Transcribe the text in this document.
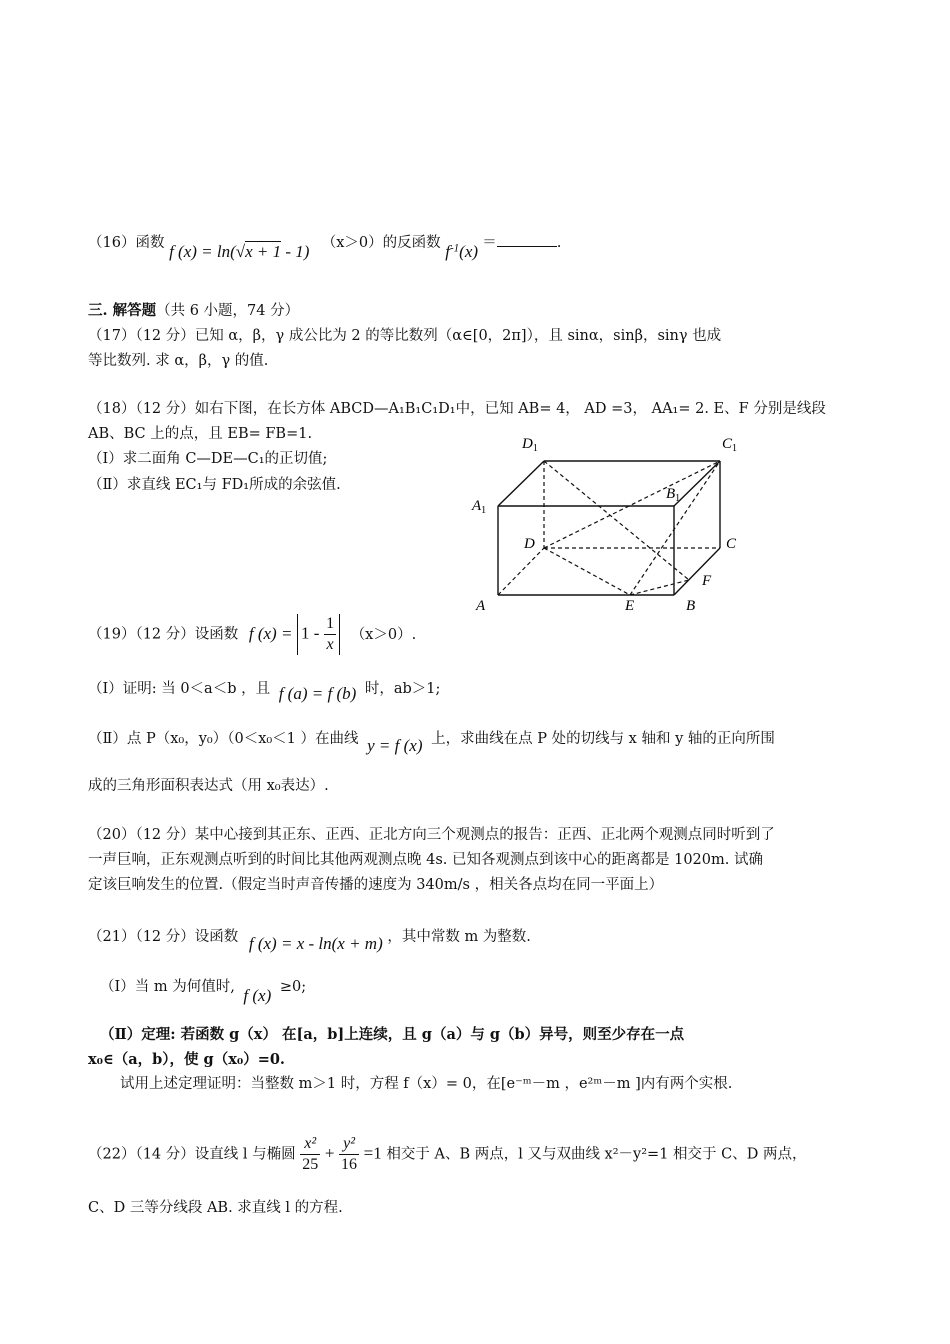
（16）函数 f (x) = ln(√x + 1 - 1) （x＞0）的反函数 $f^{-1}(x)$ ＝	.
三. 解答题（共 6 小题，74 分）
（17）（12 分）已知 α，β，γ 成公比为 2 的等比数列（α∈[0，2π]），且 sinα，sinβ，sinγ 也成
等比数列. 求 α，β，γ 的值.
（18）（12 分）如右下图，在长方体 ABCD—A₁B₁C₁D₁中，已知 AB= 4， AD =3， AA₁= 2. E、F 分别是线段
AB、BC 上的点，且 EB= FB=1.
（Ⅰ）求二面角 C—DE—C₁的正切值;
（Ⅱ）求直线 EC₁与 FD₁所成的余弦值.
$D_1$	$C_1$
$A_1$
$B_1$
D	C
A	B
E
F
（19）（12 分）设函数 f $(x) = 1 - \frac{1}{x} (x>0)$.
（Ⅰ）证明: 当 0＜a＜b ，且 f (a) = f (b) 时，ab＞1;
（Ⅱ）点 P（x₀，y₀）（0＜x₀＜1 ）在曲线 y = f (x) 上，求曲线在点 P 处的切线与 x 轴和 y 轴的正向所围
成的三角形面积表达式（用 x₀表达）.
（20）（12 分）某中心接到其正东、正西、正北方向三个观测点的报告：正西、正北两个观测点同时听到了
一声巨响，正东观测点听到的时间比其他两观测点晚 4s. 已知各观测点到该中心的距离都是 1020m. 试确
定该巨响发生的位置.（假定当时声音传播的速度为 340m/s ，相关各点均在同一平面上）
（21）（12 分）设函数 f (x) = x - ln(x + m) ，其中常数 m 为整数.
（Ⅰ）当 m 为何值时, f (x) ≥0;
（Ⅱ）定理: 若函数 g（x） 在[a，b]上连续，且 g（a）与 g（b）异号，则至少存在一点
x₀∈（a，b），使 g（x₀）=0.
试用上述定理证明：当整数 m＞1 时，方程 f（x）= 0，在[e⁻ᵐ－m ，e²ᵐ－m ]内有两个实根.
（22）（14 分）设直线 l 与椭圆 $\frac{\text{x²}}{25} + \frac{\text{y²}}{16} =1$ 相交于 A、B 两点，l 又与双曲线 x²－y²=1 相交于 C、D 两点，
C、D 三等分线段 AB. 求直线 l 的方程.
